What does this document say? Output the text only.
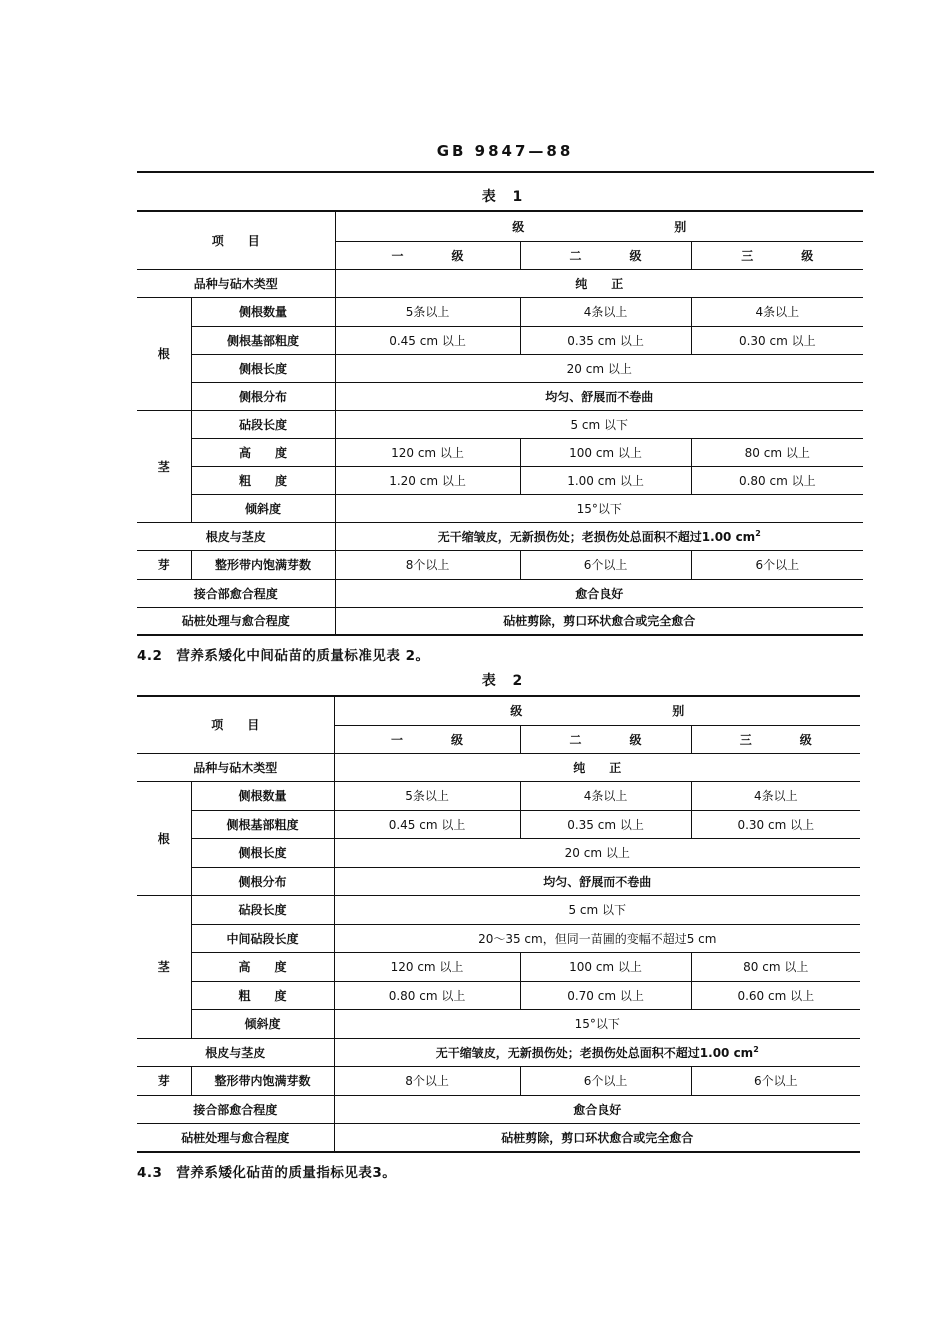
GB 9847—88
表 1
项　　目		级 别		
		一 级	二 级	三 级
品种与砧木类型		纯　　正		
根	侧根数量	5条以上	4条以上	4条以上
	侧根基部粗度	0.45 cm 以上	0.35 cm 以上	0.30 cm 以上
	侧根长度	20 cm 以上		
	侧根分布	均匀、舒展而不卷曲		
茎	砧段长度	5 cm 以下		
	高　　度	120 cm 以上	100 cm 以上	80 cm 以上
	粗　　度	1.20 cm 以上	1.00 cm 以上	0.80 cm 以上
	倾斜度	15°以下		
根皮与茎皮		无干缩皱皮，无新损伤处；老损伤处总面积不超过1.00 $cm^2$
芽	整形带内饱满芽数	8个以上	6个以上	6个以上
接合部愈合程度		愈合良好		
砧桩处理与愈合程度		砧桩剪除，剪口环状愈合或完全愈合		
4.2　营养系矮化中间砧苗的质量标准见表 2。
表 2
项　　目		级 别		
		一 级	二 级	三 级
品种与砧木类型		纯　　正		
根	侧根数量	5条以上	4条以上	4条以上
	侧根基部粗度	0.45 cm 以上	0.35 cm 以上	0.30 cm 以上
	侧根长度	20 cm 以上		
	侧根分布	均匀、舒展而不卷曲		
茎	砧段长度	5 cm 以下		
	中间砧段长度	20～35 cm，但同一苗圃的变幅不超过5 cm		
	高　　度	120 cm 以上	100 cm 以上	80 cm 以上
	粗　　度	0.80 cm 以上	0.70 cm 以上	0.60 cm 以上
	倾斜度	15°以下		
根皮与茎皮		无干缩皱皮，无新损伤处；老损伤处总面积不超过1.00 $cm^2$
芽	整形带内饱满芽数	8个以上	6个以上	6个以上
接合部愈合程度		愈合良好		
砧桩处理与愈合程度		砧桩剪除，剪口环状愈合或完全愈合		
4.3　营养系矮化砧苗的质量指标见表3。
